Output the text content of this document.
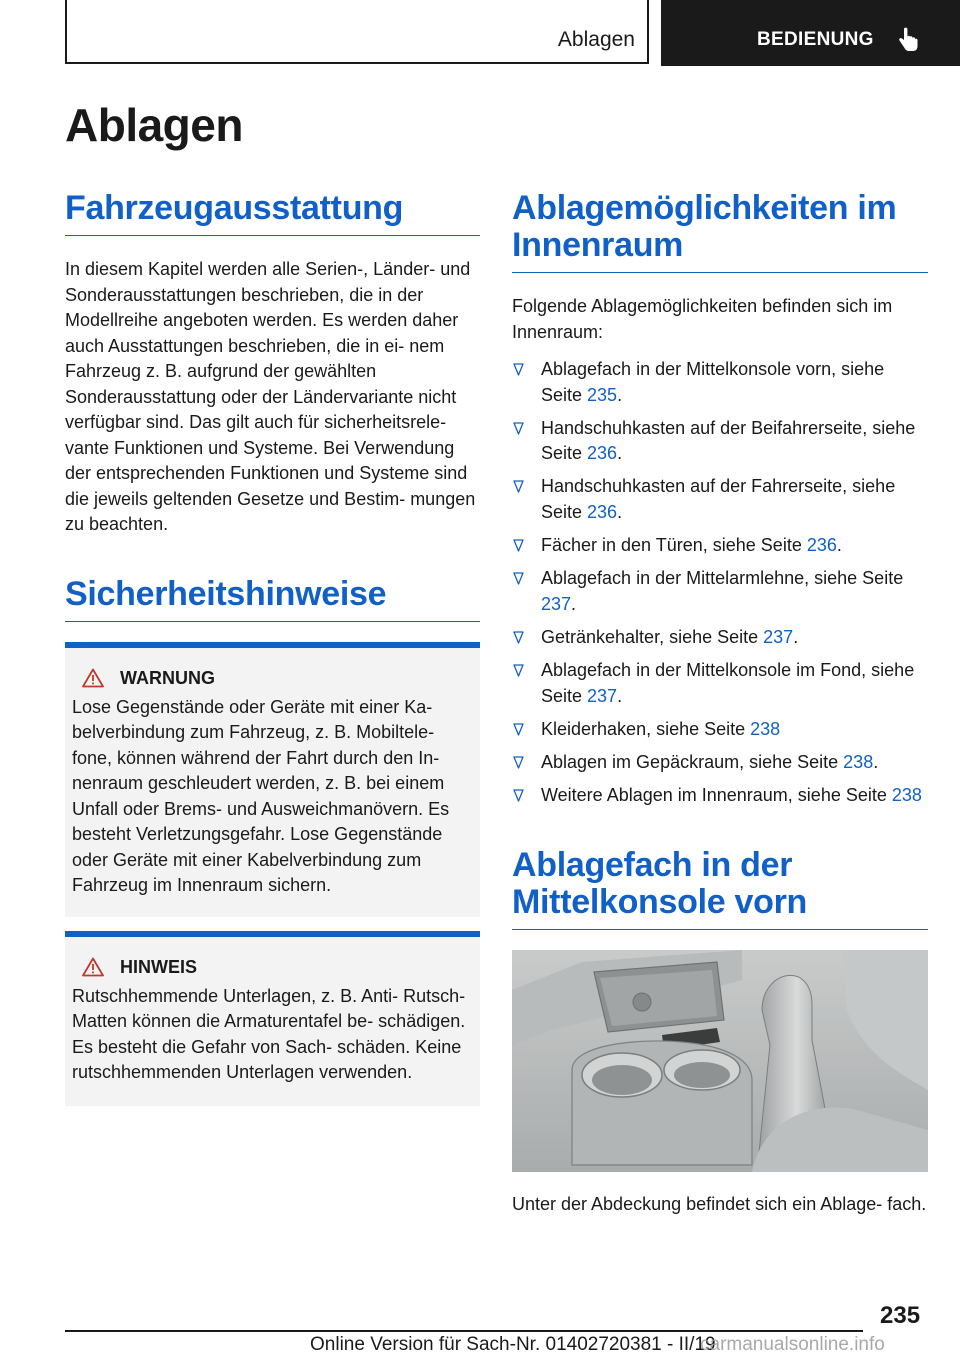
Ablagen	BEDIENUNG
Ablagen
Fahrzeugausstattung

In diesem Kapitel werden alle Serien-, Länder- und Sonderausstattungen beschrieben, die in der Modellreihe angeboten werden. Es werden daher auch Ausstattungen beschrieben, die in ei- nem Fahrzeug z. B. aufgrund der gewählten Sonderausstattung oder der Ländervariante nicht verfügbar sind. Das gilt auch für sicherheitsrele- vante Funktionen und Systeme. Bei Verwendung der entsprechenden Funktionen und Systeme sind die jeweils geltenden Gesetze und Bestim- mungen zu beachten.

Sicherheitshinweise
WARNUNG

Lose Gegenstände oder Geräte mit einer Ka- belverbindung zum Fahrzeug, z. B. Mobiltele- fone, können während der Fahrt durch den In- nenraum geschleudert werden, z. B. bei einem Unfall oder Brems- und Ausweichmanövern. Es besteht Verletzungsgefahr. Lose Gegenstände oder Geräte mit einer Kabelverbindung zum Fahrzeug im Innenraum sichern.

HINWEIS

Rutschhemmende Unterlagen, z. B. Anti- Rutsch-Matten können die Armaturentafel be- schädigen. Es besteht die Gefahr von Sach- schäden. Keine rutschhemmenden Unterlagen verwenden.

Ablagemöglichkeiten im Innenraum

Folgende Ablagemöglichkeiten befinden sich im Innenraum:

Ablagefach in der Mittelkonsole vorn, siehe Seite 235.
Handschuhkasten auf der Beifahrerseite, siehe Seite 236.
Handschuhkasten auf der Fahrerseite, siehe Seite 236.
Fächer in den Türen, siehe Seite 236.
Ablagefach in der Mittelarmlehne, siehe Seite 237.
Getränkehalter, siehe Seite 237.
Ablagefach in der Mittelkonsole im Fond, siehe Seite 237.
Kleiderhaken, siehe Seite 238
Ablagen im Gepäckraum, siehe Seite 238.
Weitere Ablagen im Innenraum, siehe Seite 238
Ablagefach in der Mittelkonsole vorn

Unter der Abdeckung befindet sich ein Ablage- fach.

235
Online Version für Sach-Nr. 01402720381 - II/19
carmanualsonline.info
